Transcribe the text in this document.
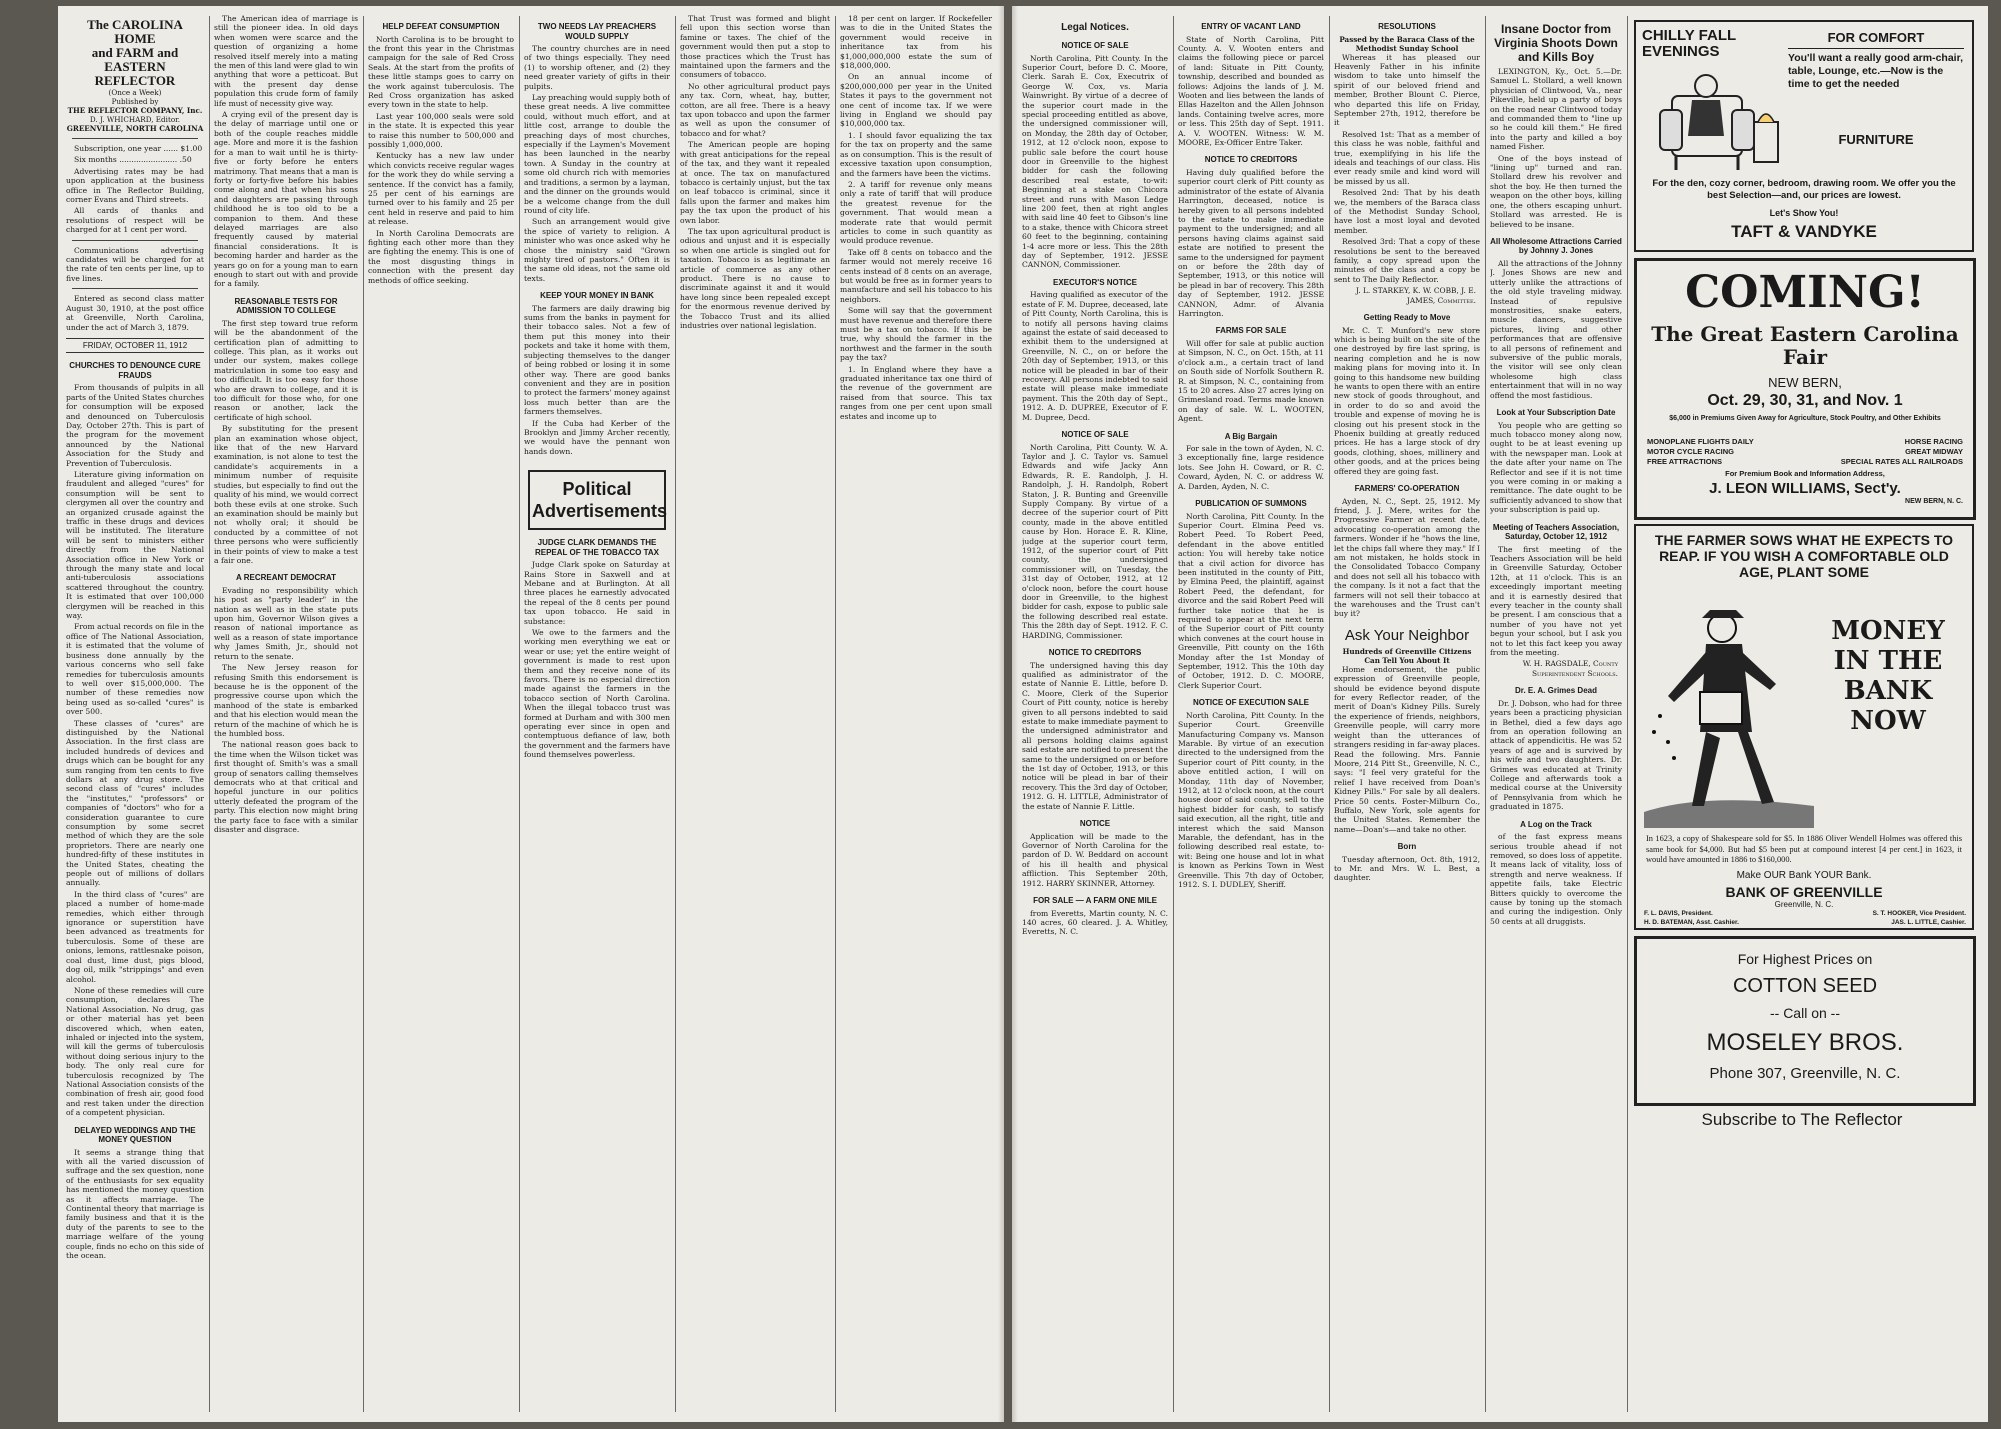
The CAROLINA HOME
and FARM and EASTERN
REFLECTOR
(Once a Week)
Published by
THE REFLECTOR COMPANY, Inc.
D. J. WHICHARD, Editor.
GREENVILLE, NORTH CAROLINA

Subscription, one year ...... $1.00

Six months ........................ .50

Advertising rates may be had upon application at the business office in The Reflector Building, corner Evans and Third streets.

All cards of thanks and resolutions of respect will be charged for at 1 cent per word.

Communications advertising candidates will be charged for at the rate of ten cents per line, up to five lines.

Entered as second class matter August 30, 1910, at the post office at Greenville, North Carolina, under the act of March 3, 1879.

FRIDAY, OCTOBER 11, 1912
CHURCHES TO DENOUNCE CURE FRAUDS

From thousands of pulpits in all parts of the United States churches for consumption will be exposed and denounced on Tuberculosis Day, October 27th. This is part of the program for the movement announced by the National Association for the Study and Prevention of Tuberculosis.

Literature giving information on fraudulent and alleged "cures" for consumption will be sent to clergymen all over the country and an organized crusade against the traffic in these drugs and devices will be instituted. The literature will be sent to ministers either directly from the National Association office in New York or through the many state and local anti-tuberculosis associations scattered throughout the country. It is estimated that over 100,000 clergymen will be reached in this way.

From actual records on file in the office of The National Association, it is estimated that the volume of business done annually by the various concerns who sell fake remedies for tuberculosis amounts to well over $15,000,000. The number of these remedies now being used as so-called "cures" is over 500.

These classes of "cures" are distinguished by the National Association. In the first class are included hundreds of devices and drugs which can be bought for any sum ranging from ten cents to five dollars at any drug store. The second class of "cures" includes the "institutes," "professors" or companies of "doctors" who for a consideration guarantee to cure consumption by some secret method of which they are the sole proprietors. There are nearly one hundred-fifty of these institutes in the United States, cheating the people out of millions of dollars annually.

In the third class of "cures" are placed a number of home-made remedies, which either through ignorance or superstition have been advanced as treatments for tuberculosis. Some of these are onions, lemons, rattlesnake poison, coal dust, lime dust, pigs blood, dog oil, milk "strippings" and even alcohol.

None of these remedies will cure consumption, declares The National Association. No drug, gas or other material has yet been discovered which, when eaten, inhaled or injected into the system, will kill the germs of tuberculosis without doing serious injury to the body. The only real cure for tuberculosis recognized by The National Association consists of the combination of fresh air, good food and rest taken under the direction of a competent physician.

DELAYED WEDDINGS AND THE MONEY QUESTION

It seems a strange thing that with all the varied discussion of suffrage and the sex question, none of the enthusiasts for sex equality has mentioned the money question as it affects marriage. The Continental theory that marriage is family business and that it is the duty of the parents to see to the marriage welfare of the young couple, finds no echo on this side of the ocean.

The American idea of marriage is still the pioneer idea. In old days when women were scarce and the question of organizing a home resolved itself merely into a mating the men of this land were glad to win anything that wore a petticoat. But with the present day dense population this crude form of family life must of necessity give way.

A crying evil of the present day is the delay of marriage until one or both of the couple reaches middle age. More and more it is the fashion for a man to wait until he is thirty-five or forty before he enters matrimony. That means that a man is forty or forty-five before his babies come along and that when his sons and daughters are passing through childhood he is too old to be a companion to them. And these delayed marriages are also frequently caused by material financial considerations. It is becoming harder and harder as the years go on for a young man to earn enough to start out with and provide for a family.

REASONABLE TESTS FOR ADMISSION TO COLLEGE

The first step toward true reform will be the abandonment of the certification plan of admitting to college. This plan, as it works out under our system, makes college matriculation in some too easy and too difficult. It is too easy for those who are drawn to college, and it is too difficult for those who, for one reason or another, lack the certificate of high school.

By substituting for the present plan an examination whose object, like that of the new Harvard examination, is not alone to test the candidate's acquirements in a minimum number of requisite studies, but especially to find out the quality of his mind, we would correct both these evils at one stroke. Such an examination should be mainly but not wholly oral; it should be conducted by a committee of not three persons who were sufficiently in their points of view to make a test a fair one.

A RECREANT DEMOCRAT

Evading no responsibility which his post as "party leader" in the nation as well as in the state puts upon him, Governor Wilson gives a reason of national importance as well as a reason of state importance why James Smith, Jr., should not return to the senate.

The New Jersey reason for refusing Smith this endorsement is because he is the opponent of the progressive course upon which the manhood of the state is embarked and that his election would mean the return of the machine of which he is the humbled boss.

The national reason goes back to the time when the Wilson ticket was first thought of. Smith's was a small group of senators calling themselves democrats who at that critical and hopeful juncture in our politics utterly defeated the program of the party. This election now might bring the party face to face with a similar disaster and disgrace.

HELP DEFEAT CONSUMPTION

North Carolina is to be brought to the front this year in the Christmas campaign for the sale of Red Cross Seals. At the start from the profits of these little stamps goes to carry on the work against tuberculosis. The Red Cross organization has asked every town in the state to help.

Last year 100,000 seals were sold in the state. It is expected this year to raise this number to 500,000 and possibly 1,000,000.

Kentucky has a new law under which convicts receive regular wages for the work they do while serving a sentence. If the convict has a family, 25 per cent of his earnings are turned over to his family and 25 per cent held in reserve and paid to him at release.

In North Carolina Democrats are fighting each other more than they are fighting the enemy. This is one of the most disgusting things in connection with the present day methods of office seeking.

TWO NEEDS LAY PREACHERS WOULD SUPPLY

The country churches are in need of two things especially. They need (1) to worship oftener, and (2) they need greater variety of gifts in their pulpits.

Lay preaching would supply both of these great needs. A live committee could, without much effort, and at little cost, arrange to double the preaching days of most churches, especially if the Laymen's Movement has been launched in the nearby town. A Sunday in the country at some old church rich with memories and traditions, a sermon by a layman, and the dinner on the grounds would be a welcome change from the dull round of city life.

Such an arrangement would give the spice of variety to religion. A minister who was once asked why he chose the ministry said "Grown mighty tired of pastors." Often it is the same old ideas, not the same old texts.

KEEP YOUR MONEY IN BANK

The farmers are daily drawing big sums from the banks in payment for their tobacco sales. Not a few of them put this money into their pockets and take it home with them, subjecting themselves to the danger of being robbed or losing it in some other way. There are good banks convenient and they are in position to protect the farmers' money against loss much better than are the farmers themselves.

If the Cuba had Kerber of the Brooklyn and Jimmy Archer recently, we would have the pennant won hands down.

Political Advertisements
JUDGE CLARK DEMANDS THE REPEAL OF THE TOBACCO TAX

Judge Clark spoke on Saturday at Rains Store in Saxwell and at Mebane and at Burlington. At all three places he earnestly advocated the repeal of the 8 cents per pound tax upon tobacco. He said in substance:

We owe to the farmers and the working men everything we eat or wear or use; yet the entire weight of government is made to rest upon them and they receive none of its favors. There is no especial direction made against the farmers in the tobacco section of North Carolina. When the illegal tobacco trust was formed at Durham and with 300 men operating ever since in open and contemptuous defiance of law, both the government and the farmers have found themselves powerless.

That Trust was formed and blight fell upon this section worse than famine or taxes. The chief of the government would then put a stop to those practices which the Trust has maintained upon the farmers and the consumers of tobacco.

No other agricultural product pays any tax. Corn, wheat, hay, butter, cotton, are all free. There is a heavy tax upon tobacco and upon the farmer as well as upon the consumer of tobacco and for what?

The American people are hoping with great anticipations for the repeal of the tax, and they want it repealed at once. The tax on manufactured tobacco is certainly unjust, but the tax on leaf tobacco is criminal, since it falls upon the farmer and makes him pay the tax upon the product of his own labor.

The tax upon agricultural product is odious and unjust and it is especially so when one article is singled out for taxation. Tobacco is as legitimate an article of commerce as any other product. There is no cause to discriminate against it and it would have long since been repealed except for the enormous revenue derived by the Tobacco Trust and its allied industries over national legislation.

18 per cent on larger. If Rockefeller was to die in the United States the government would receive in inheritance tax from his $1,000,000,000 estate the sum of $18,000,000.

On an annual income of $200,000,000 per year in the United States it pays to the government not one cent of income tax. If we were living in England we should pay $10,000,000 tax.

1. I should favor equalizing the tax for the tax on property and the same as on consumption. This is the result of excessive taxation upon consumption, and the farmers have been the victims.

2. A tariff for revenue only means only a rate of tariff that will produce the greatest revenue for the government. That would mean a moderate rate that would permit articles to come in such quantity as would produce revenue.

Take off 8 cents on tobacco and the farmer would not merely receive 16 cents instead of 8 cents on an average, but would be free as in former years to manufacture and sell his tobacco to his neighbors.

Some will say that the government must have revenue and therefore there must be a tax on tobacco. If this be true, why should the farmer in the northwest and the farmer in the south pay the tax?

1. In England where they have a graduated inheritance tax one third of the revenue of the government are raised from that source. This tax ranges from one per cent upon small estates and income up to

Legal Notices.
NOTICE OF SALE

North Carolina, Pitt County. In the Superior Court, before D. C. Moore, Clerk. Sarah E. Cox, Executrix of George W. Cox, vs. Maria Wainwright. By virtue of a decree of the superior court made in the special proceeding entitled as above, the undersigned commissioner will, on Monday, the 28th day of October, 1912, at 12 o'clock noon, expose to public sale before the court house door in Greenville to the highest bidder for cash the following described real estate, to-wit: Beginning at a stake on Chicora street and runs with Mason Ledge line 200 feet, then at right angles with said line 40 feet to Gibson's line to a stake, thence with Chicora street 60 feet to the beginning, containing 1-4 acre more or less. This the 28th day of September, 1912. JESSE CANNON, Commissioner.

EXECUTOR'S NOTICE

Having qualified as executor of the estate of F. M. Dupree, deceased, late of Pitt County, North Carolina, this is to notify all persons having claims against the estate of said deceased to exhibit them to the undersigned at Greenville, N. C., on or before the 20th day of September, 1913, or this notice will be pleaded in bar of their recovery. All persons indebted to said estate will please make immediate payment. This the 20th day of Sept., 1912. A. D. DUPREE, Executor of F. M. Dupree, Decd.

NOTICE OF SALE

North Carolina, Pitt County. W. A. Taylor and J. C. Taylor vs. Samuel Edwards and wife Jacky Ann Edwards, R. E. Randolph, J. H. Randolph, J. H. Randolph, Robert Staton, J. R. Bunting and Greenville Supply Company. By virtue of a decree of the superior court of Pitt county, made in the above entitled cause by Hon. Horace E. R. Kline, judge at the superior court term, 1912, of the superior court of Pitt county, the undersigned commissioner will, on Tuesday, the 31st day of October, 1912, at 12 o'clock noon, before the court house door in Greenville, to the highest bidder for cash, expose to public sale the following described real estate. This the 28th day of Sept. 1912. F. C. HARDING, Commissioner.

NOTICE TO CREDITORS

The undersigned having this day qualified as administrator of the estate of Nannie E. Little, before D. C. Moore, Clerk of the Superior Court of Pitt county, notice is hereby given to all persons indebted to said estate to make immediate payment to the undersigned administrator and all persons holding claims against said estate are notified to present the same to the undersigned on or before the 1st day of October, 1913, or this notice will be plead in bar of their recovery. This the 3rd day of October, 1912. G. H. LITTLE, Administrator of the estate of Nannie F. Little.

NOTICE

Application will be made to the Governor of North Carolina for the pardon of D. W. Beddard on account of his ill health and physical affliction. This September 20th, 1912. HARRY SKINNER, Attorney.

FOR SALE — A FARM ONE MILE

from Everetts, Martin county, N. C. 140 acres, 60 cleared. J. A. Whitley, Everetts, N. C.

ENTRY OF VACANT LAND

State of North Carolina, Pitt County. A. V. Wooten enters and claims the following piece or parcel of land: Situate in Pitt County, township, described and bounded as follows: Adjoins the lands of J. M. Wooten and lies between the lands of Ellas Hazelton and the Allen Johnson lands. Containing twelve acres, more or less. This 25th day of Sept. 1911. A. V. WOOTEN. Witness: W. M. MOORE, Ex-Officer Entre Taker.

NOTICE TO CREDITORS

Having duly qualified before the superior court clerk of Pitt county as administrator of the estate of Alvania Harrington, deceased, notice is hereby given to all persons indebted to the estate to make immediate payment to the undersigned; and all persons having claims against said estate are notified to present the same to the undersigned for payment on or before the 28th day of September, 1913, or this notice will be plead in bar of recovery. This 28th day of September, 1912. JESSE CANNON, Admr. of Alvania Harrington.

FARMS FOR SALE

Will offer for sale at public auction at Simpson, N. C., on Oct. 15th, at 11 o'clock a.m., a certain tract of land on South side of Norfolk Southern R. R. at Simpson, N. C., containing from 15 to 20 acres. Also 27 acres lying on Grimesland road. Terms made known on day of sale. W. L. WOOTEN, Agent.

A Big Bargain

For sale in the town of Ayden, N. C. 3 exceptionally fine, large residence lots. See John H. Coward, or R. C. Coward, Ayden, N. C. or address W. A. Darden, Ayden, N. C.

PUBLICATION OF SUMMONS

North Carolina, Pitt County. In the Superior Court. Elmina Peed vs. Robert Peed. To Robert Peed, defendant in the above entitled action: You will hereby take notice that a civil action for divorce has been instituted in the county of Pitt, by Elmina Peed, the plaintiff, against Robert Peed, the defendant, for divorce and the said Robert Peed will further take notice that he is required to appear at the next term of the Superior court of Pitt county which convenes at the court house in Greenville, Pitt county on the 16th Monday after the 1st Monday of September, 1912. This the 10th day of October, 1912. D. C. MOORE, Clerk Superior Court.

NOTICE OF EXECUTION SALE

North Carolina, Pitt County. In the Superior Court. Greenville Manufacturing Company vs. Manson Marable. By virtue of an execution directed to the undersigned from the Superior court of Pitt county, in the above entitled action, I will on Monday, 11th day of November, 1912, at 12 o'clock noon, at the court house door of said county, sell to the highest bidder for cash, to satisfy said execution, all the right, title and interest which the said Manson Marable, the defendant, has in the following described real estate, to-wit: Being one house and lot in what is known as Perkins Town in West Greenville. This 7th day of October, 1912. S. I. DUDLEY, Sheriff.

RESOLUTIONS
Passed by the Baraca Class of the Methodist Sunday School

Whereas it has pleased our Heavenly Father in his infinite wisdom to take unto himself the spirit of our beloved friend and member, Brother Blount C. Pierce, who departed this life on Friday, September 27th, 1912, therefore be it

Resolved 1st: That as a member of this class he was noble, faithful and true, exemplifying in his life the ideals and teachings of our class. His ever ready smile and kind word will be missed by us all.

Resolved 2nd: That by his death we, the members of the Baraca class of the Methodist Sunday School, have lost a most loyal and devoted member.

Resolved 3rd: That a copy of these resolutions be sent to the bereaved family, a copy spread upon the minutes of the class and a copy be sent to The Daily Reflector.

J. L. STARKEY, K. W. COBB, J. E. JAMES, Committee.
Getting Ready to Move

Mr. C. T. Munford's new store which is being built on the site of the one destroyed by fire last spring, is nearing completion and he is now making plans for moving into it. In going to this handsome new building he wants to open there with an entire new stock of goods throughout, and in order to do so and avoid the trouble and expense of moving he is closing out his present stock in the Phoenix building at greatly reduced prices. He has a large stock of dry goods, clothing, shoes, millinery and other goods, and at the prices being offered they are going fast.

FARMERS' CO-OPERATION

Ayden, N. C., Sept. 25, 1912. My friend, J. J. Mere, writes for the Progressive Farmer at recent date, advocating co-operation among the farmers. Wonder if he "hows the line, let the chips fall where they may." If I am not mistaken, he holds stock in the Consolidated Tobacco Company and does not sell all his tobacco with the company. Is it not a fact that the farmers will not sell their tobacco at the warehouses and the Trust can't buy it?

Ask Your Neighbor
Hundreds of Greenville Citizens Can Tell You About It

Home endorsement, the public expression of Greenville people, should be evidence beyond dispute for every Reflector reader, of the merit of Doan's Kidney Pills. Surely the experience of friends, neighbors, Greenville people, will carry more weight than the utterances of strangers residing in far-away places. Read the following. Mrs. Fannie Moore, 214 Pitt St., Greenville, N. C., says: "I feel very grateful for the relief I have received from Doan's Kidney Pills." For sale by all dealers. Price 50 cents. Foster-Milburn Co., Buffalo, New York, sole agents for the United States. Remember the name—Doan's—and take no other.

Born

Tuesday afternoon, Oct. 8th, 1912, to Mr. and Mrs. W. L. Best, a daughter.

Insane Doctor from Virginia Shoots Down and Kills Boy

LEXINGTON, Ky., Oct. 5.—Dr. Samuel L. Stollard, a well known physician of Clintwood, Va., near Pikeville, held up a party of boys on the road near Clintwood today and commanded them to "line up so he could kill them." He fired into the party and killed a boy named Fisher.

One of the boys instead of "lining up" turned and ran. Stollard drew his revolver and shot the boy. He then turned the weapon on the other boys, killing one, the others escaping unhurt. Stollard was arrested. He is believed to be insane.

All Wholesome Attractions Carried by Johnny J. Jones

All the attractions of the Johnny J. Jones Shows are new and utterly unlike the attractions of the old style traveling midway. Instead of repulsive monstrosities, snake eaters, muscle dancers, suggestive pictures, living and other performances that are offensive to all persons of refinement and subversive of the public morals, the visitor will see only clean wholesome high class entertainment that will in no way offend the most fastidious.

Look at Your Subscription Date

You people who are getting so much tobacco money along now, ought to be at least evening up with the newspaper man. Look at the date after your name on The Reflector and see if it is not time you were coming in or making a remittance. The date ought to be sufficiently advanced to show that your subscription is paid up.

Meeting of Teachers Association, Saturday, October 12, 1912

The first meeting of the Teachers Association will be held in Greenville Saturday, October 12th, at 11 o'clock. This is an exceedingly important meeting and it is earnestly desired that every teacher in the county shall be present. I am conscious that a number of you have not yet begun your school, but I ask you not to let this fact keep you away from the meeting.

W. H. RAGSDALE, County Superintendent Schools.
Dr. E. A. Grimes Dead

Dr. J. Dobson, who had for three years been a practicing physician in Bethel, died a few days ago from an operation following an attack of appendicitis. He was 52 years of age and is survived by his wife and two daughters. Dr. Grimes was educated at Trinity College and afterwards took a medical course at the University of Pennsylvania from which he graduated in 1875.

A Log on the Track

of the fast express means serious trouble ahead if not removed, so does loss of appetite. It means lack of vitality, loss of strength and nerve weakness. If appetite fails, take Electric Bitters quickly to overcome the cause by toning up the stomach and curing the indigestion. Only 50 cents at all druggists.

CHILLY FALL EVENINGS
FOR COMFORT
You'll want a really good arm-chair, table, Lounge, etc.—Now is the time to get the needed
FURNITURE
For the den, cozy corner, bedroom, drawing room. We offer you the best Selection—and, our prices are lowest.
Let's Show You!
TAFT & VANDYKE
COMING!
The Great Eastern Carolina Fair
NEW BERN,
Oct. 29, 30, 31, and Nov. 1
$6,000 in Premiums Given Away for Agriculture, Stock Poultry, and Other Exhibits
MONOPLANE FLIGHTS DAILY	HORSE RACING
MOTOR CYCLE RACING	GREAT MIDWAY
FREE ATTRACTIONS	SPECIAL RATES ALL RAILROADS
For Premium Book and Information Address,
J. LEON WILLIAMS, Sect'y.
NEW BERN, N. C.
THE FARMER SOWS WHAT HE EXPECTS TO REAP. IF YOU WISH A COMFORTABLE OLD AGE, PLANT SOME
MONEY IN THE BANK NOW
In 1623, a copy of Shakespeare sold for $5. In 1886 Oliver Wendell Holmes was offered this same book for $4,000. But had $5 been put at compound interest [4 per cent.] in 1623, it would have amounted in 1886 to $160,000.
Make OUR Bank YOUR Bank.
BANK OF GREENVILLE
Greenville, N. C.
F. L. DAVIS, President.	S. T. HOOKER, Vice President.
H. D. BATEMAN, Asst. Cashier.	JAS. L. LITTLE, Cashier.
For Highest Prices on
COTTON SEED
-- Call on --
MOSELEY BROS.
Phone 307, Greenville, N. C.
Subscribe to The Reflector
